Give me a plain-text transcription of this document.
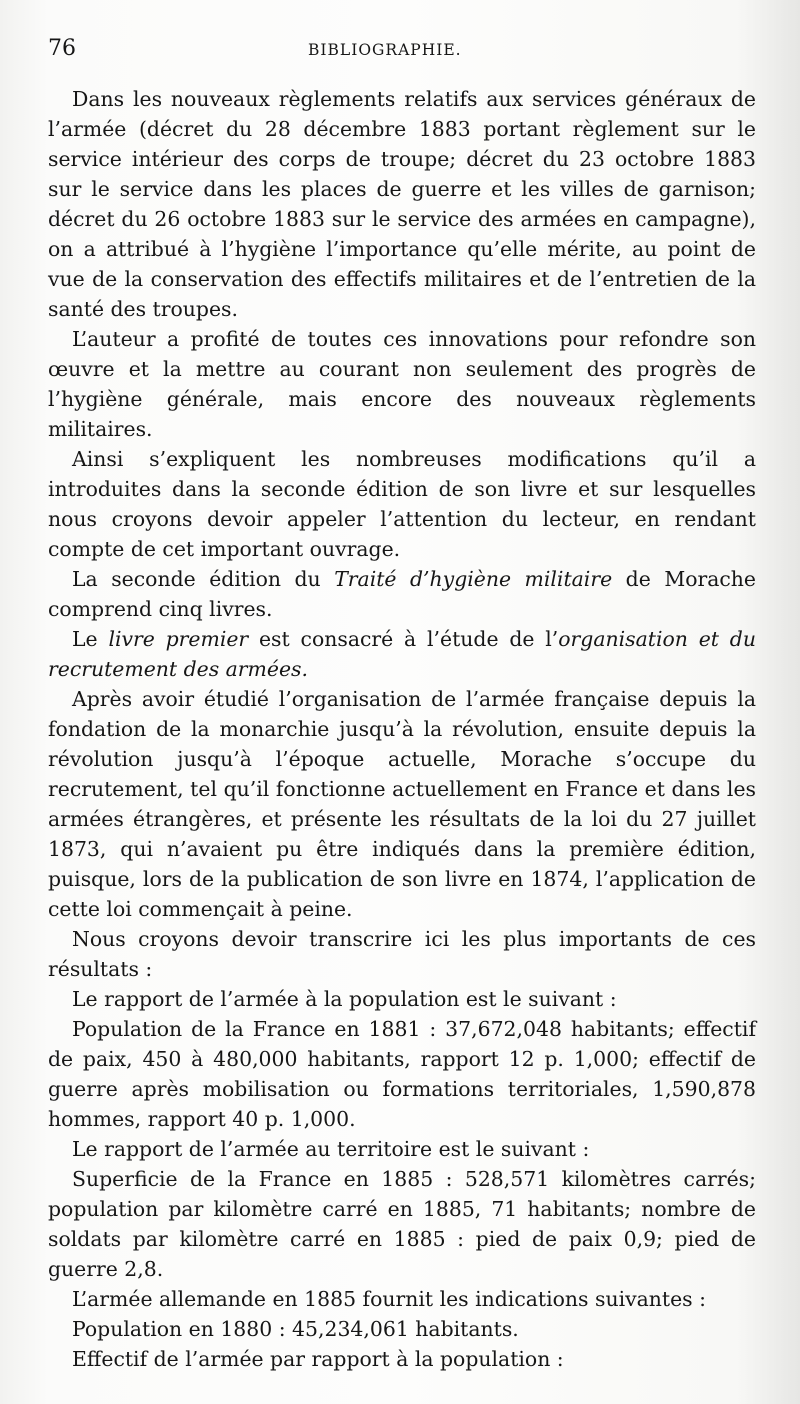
76	BIBLIOGRAPHIE.

Dans les nouveaux règlements relatifs aux services généraux de l’armée (décret du 28 décembre 1883 portant règlement sur le service intérieur des corps de troupe; décret du 23 octobre 1883 sur le service dans les places de guerre et les villes de garnison; décret du 26 octobre 1883 sur le service des armées en campagne), on a attribué à l’hygiène l’importance qu’elle mérite, au point de vue de la conservation des effectifs militaires et de l’entretien de la santé des troupes.

L’auteur a profité de toutes ces innovations pour refondre son œuvre et la mettre au courant non seulement des progrès de l’hygiène générale, mais encore des nouveaux règlements militaires.

Ainsi s’expliquent les nombreuses modifications qu’il a introduites dans la seconde édition de son livre et sur lesquelles nous croyons devoir appeler l’attention du lecteur, en rendant compte de cet important ouvrage.

La seconde édition du Traité d’hygiène militaire de Morache comprend cinq livres.

Le livre premier est consacré à l’étude de l’organisation et du recrutement des armées.

Après avoir étudié l’organisation de l’armée française depuis la fondation de la monarchie jusqu’à la révolution, ensuite depuis la révolution jusqu’à l’époque actuelle, Morache s’occupe du recrutement, tel qu’il fonctionne actuellement en France et dans les armées étrangères, et présente les résultats de la loi du 27 juillet 1873, qui n’avaient pu être indiqués dans la première édition, puisque, lors de la publication de son livre en 1874, l’application de cette loi commençait à peine.

Nous croyons devoir transcrire ici les plus importants de ces résultats :

Le rapport de l’armée à la population est le suivant :

Population de la France en 1881 : 37,672,048 habitants; effectif de paix, 450 à 480,000 habitants, rapport 12 p. 1,000; effectif de guerre après mobilisation ou formations territoriales, 1,590,878 hommes, rapport 40 p. 1,000.

Le rapport de l’armée au territoire est le suivant :

Superficie de la France en 1885 : 528,571 kilomètres carrés; population par kilomètre carré en 1885, 71 habitants; nombre de soldats par kilomètre carré en 1885 : pied de paix 0,9; pied de guerre 2,8.

L’armée allemande en 1885 fournit les indications suivantes :

Population en 1880 : 45,234,061 habitants.

Effectif de l’armée par rapport à la population :
